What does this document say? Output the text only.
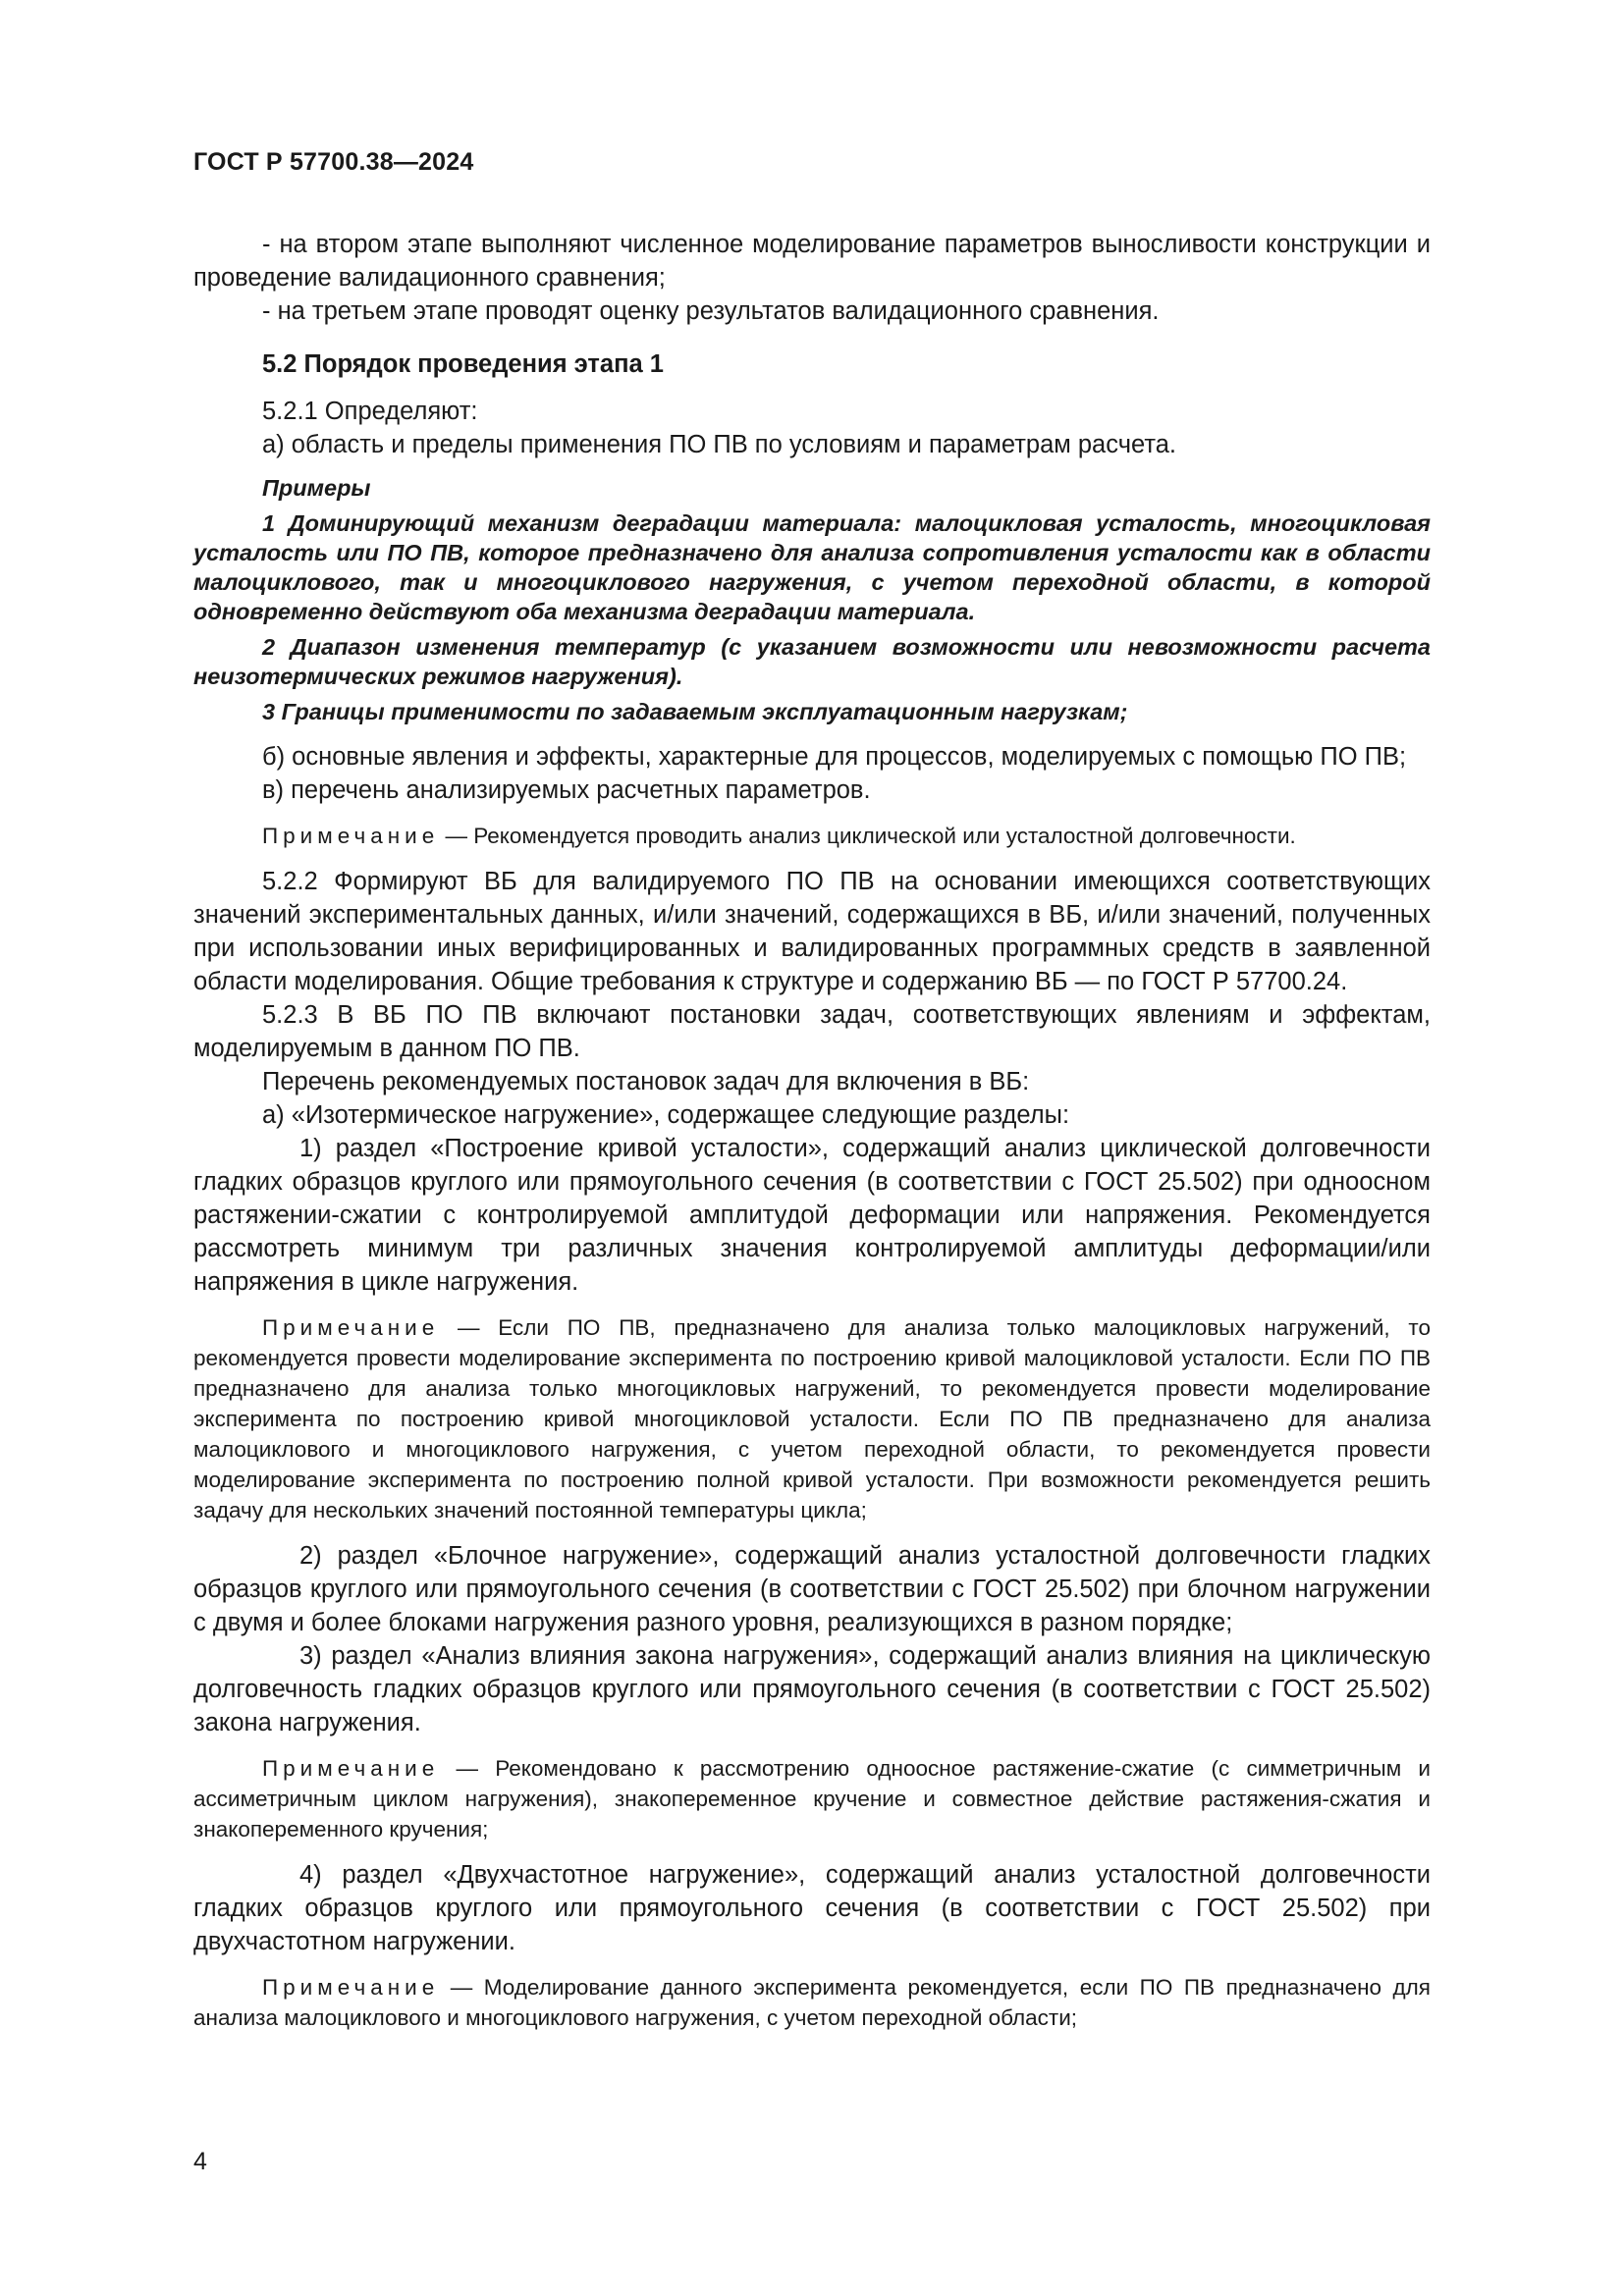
ГОСТ Р 57700.38—2024

- на втором этапе выполняют численное моделирование параметров выносливости конструкции и проведение валидационного сравнения;

- на третьем этапе проводят оценку результатов валидационного сравнения.

5.2 Порядок проведения этапа 1

5.2.1 Определяют:

а) область и пределы применения ПО ПВ по условиям и параметрам расчета.

Примеры

1 Доминирующий механизм деградации материала: малоцикловая усталость, многоцикловая усталость или ПО ПВ, которое предназначено для анализа сопротивления усталости как в области малоциклового, так и многоциклового нагружения, с учетом переходной области, в которой одновременно действуют оба механизма деградации материала.

2 Диапазон изменения температур (с указанием возможности или невозможности расчета неизотермических режимов нагружения).

3 Границы применимости по задаваемым эксплуатационным нагрузкам;

б) основные явления и эффекты, характерные для процессов, моделируемых с помощью ПО ПВ;

в) перечень анализируемых расчетных параметров.

Примечание — Рекомендуется проводить анализ циклической или усталостной долговечности.

5.2.2 Формируют ВБ для валидируемого ПО ПВ на основании имеющихся соответствующих значений экспериментальных данных, и/или значений, содержащихся в ВБ, и/или значений, полученных при использовании иных верифицированных и валидированных программных средств в заявленной области моделирования. Общие требования к структуре и содержанию ВБ — по ГОСТ Р 57700.24.

5.2.3 В ВБ ПО ПВ включают постановки задач, соответствующих явлениям и эффектам, моделируемым в данном ПО ПВ.

Перечень рекомендуемых постановок задач для включения в ВБ:

а) «Изотермическое нагружение», содержащее следующие разделы:

1) раздел «Построение кривой усталости», содержащий анализ циклической долговечности гладких образцов круглого или прямоугольного сечения (в соответствии с ГОСТ 25.502) при одноосном растяжении-сжатии с контролируемой амплитудой деформации или напряжения. Рекомендуется рассмотреть минимум три различных значения контролируемой амплитуды деформации/или напряжения в цикле нагружения.

Примечание — Если ПО ПВ, предназначено для анализа только малоцикловых нагружений, то рекомендуется провести моделирование эксперимента по построению кривой малоцикловой усталости. Если ПО ПВ предназначено для анализа только многоцикловых нагружений, то рекомендуется провести моделирование эксперимента по построению кривой многоцикловой усталости. Если ПО ПВ предназначено для анализа малоциклового и многоциклового нагружения, с учетом переходной области, то рекомендуется провести моделирование эксперимента по построению полной кривой усталости. При возможности рекомендуется решить задачу для нескольких значений постоянной температуры цикла;

2) раздел «Блочное нагружение», содержащий анализ усталостной долговечности гладких образцов круглого или прямоугольного сечения (в соответствии с ГОСТ 25.502) при блочном нагружении с двумя и более блоками нагружения разного уровня, реализующихся в разном порядке;

3) раздел «Анализ влияния закона нагружения», содержащий анализ влияния на циклическую долговечность гладких образцов круглого или прямоугольного сечения (в соответствии с ГОСТ 25.502) закона нагружения.

Примечание — Рекомендовано к рассмотрению одноосное растяжение-сжатие (с симметричным и ассиметричным циклом нагружения), знакопеременное кручение и совместное действие растяжения-сжатия и знакопеременного кручения;

4) раздел «Двухчастотное нагружение», содержащий анализ усталостной долговечности гладких образцов круглого или прямоугольного сечения (в соответствии с ГОСТ 25.502) при двухчастотном нагружении.

Примечание — Моделирование данного эксперимента рекомендуется, если ПО ПВ предназначено для анализа малоциклового и многоциклового нагружения, с учетом переходной области;

4
